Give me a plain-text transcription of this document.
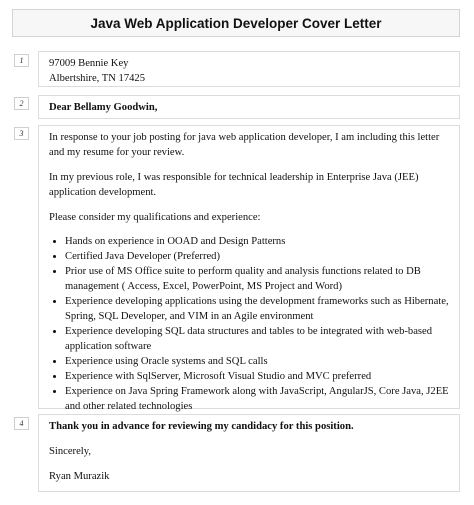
Java Web Application Developer Cover Letter
1	97009 Bennie Key

Albertshire, TN 17425

2	Dear Bellamy Goodwin,

3	In response to your job posting for java web application developer, I am including this letter and my resume for your review.

In my previous role, I was responsible for technical leadership in Enterprise Java (JEE) application development.

Please consider my qualifications and experience:

• Hands on experience in OOAD and Design Patterns
• Certified Java Developer (Preferred)
• Prior use of MS Office suite to perform quality and analysis functions related to DB management ( Access, Excel, PowerPoint, MS Project and Word)
• Experience developing applications using the development frameworks such as Hibernate, Spring, SQL Developer, and VIM in an Agile environment
• Experience developing SQL data structures and tables to be integrated with web-based application software
• Experience using Oracle systems and SQL calls
• Experience with SqlServer, Microsoft Visual Studio and MVC preferred
• Experience on Java Spring Framework along with JavaScript, AngularJS, Core Java, J2EE and other related technologies
4	Thank you in advance for reviewing my candidacy for this position.

Sincerely,

Ryan Murazik
